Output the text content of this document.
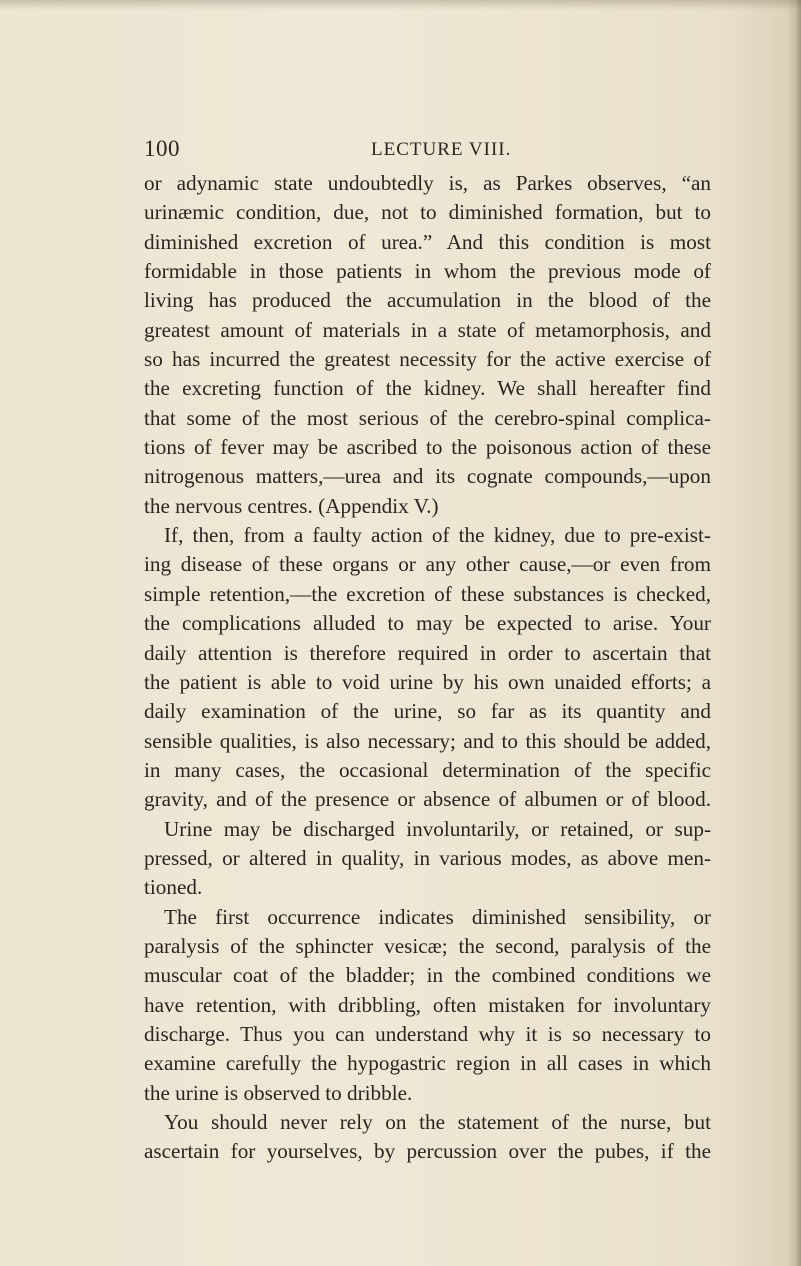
100	LECTURE VIII.
or adynamic state undoubtedly is, as Parkes observes, “an
urinæmic condition, due, not to diminished formation, but to
diminished excretion of urea.” And this condition is most
formidable in those patients in whom the previous mode of
living has produced the accumulation in the blood of the
greatest amount of materials in a state of metamorphosis, and
so has incurred the greatest necessity for the active exercise of
the excreting function of the kidney. We shall hereafter find
that some of the most serious of the cerebro-spinal complica-
tions of fever may be ascribed to the poisonous action of these
nitrogenous matters,—urea and its cognate compounds,—upon
the nervous centres. (Appendix V.)
If, then, from a faulty action of the kidney, due to pre-exist-
ing disease of these organs or any other cause,—or even from
simple retention,—the excretion of these substances is checked,
the complications alluded to may be expected to arise. Your
daily attention is therefore required in order to ascertain that
the patient is able to void urine by his own unaided efforts; a
daily examination of the urine, so far as its quantity and
sensible qualities, is also necessary; and to this should be added,
in many cases, the occasional determination of the specific
gravity, and of the presence or absence of albumen or of blood.
Urine may be discharged involuntarily, or retained, or sup-
pressed, or altered in quality, in various modes, as above men-
tioned.
The first occurrence indicates diminished sensibility, or
paralysis of the sphincter vesicæ; the second, paralysis of the
muscular coat of the bladder; in the combined conditions we
have retention, with dribbling, often mistaken for involuntary
discharge. Thus you can understand why it is so necessary to
examine carefully the hypogastric region in all cases in which
the urine is observed to dribble.
You should never rely on the statement of the nurse, but
ascertain for yourselves, by percussion over the pubes, if the
